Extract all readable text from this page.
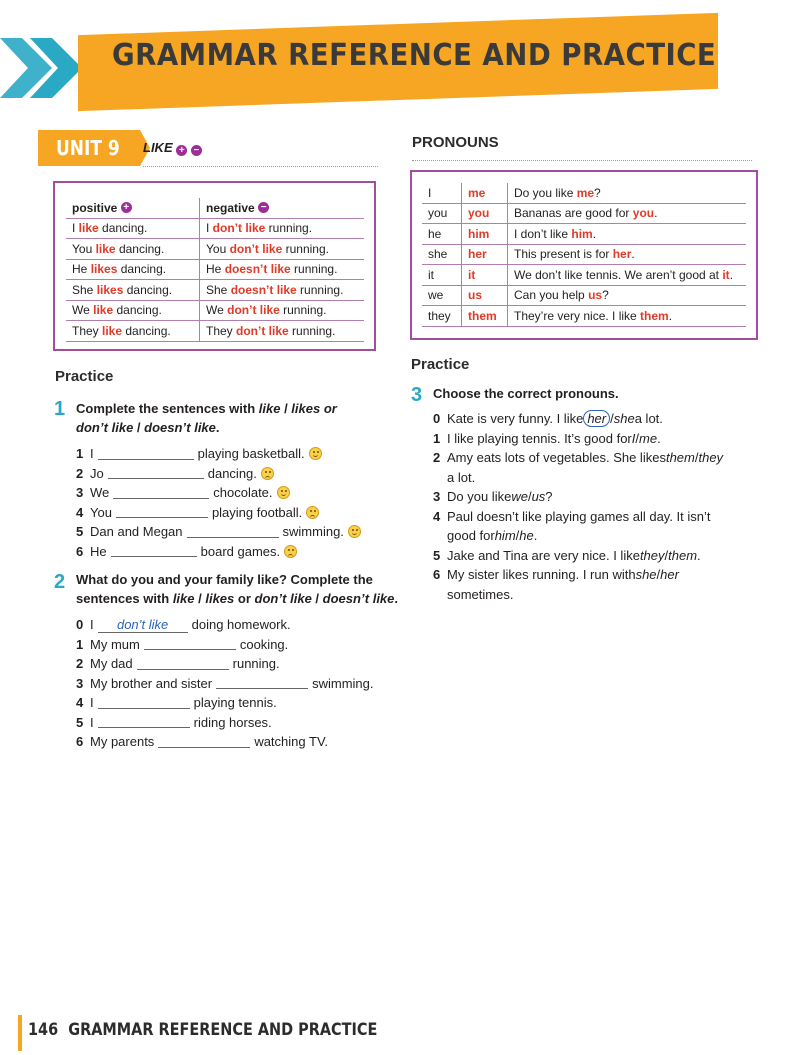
GRAMMAR REFERENCE AND PRACTICE
UNIT 9 LIKE + −
positive
+	negative
−
I like dancing.	I don’t like running.
You like dancing.	You don’t like running.
He likes dancing.	He doesn’t like running.
She likes dancing.	She doesn’t like running.
We like dancing.	We don’t like running.
They like dancing.	They don’t like running.
PRONOUNS
I	me Do you like me ?
you you Bananas are good for you .
he him I don’t like him .
she her This present is for her .
it	it	We don’t like tennis. We aren’t good at it .
we us	Can you help us ?
they them They’re very nice. I like them .
Practice
1 Complete the sentences with like / likes or
don’t like / doesn’t like.
1 I	playing basketball.
2 Jo	dancing.
3 We	chocolate.
4 You	playing football.
5 Dan and Megan	swimming.
6 He	board games.
2 What do you and your family like? Complete the
sentences with like / likes or don’t like / doesn’t like.
0 I	don’t like	doing homework.
1 My mum	cooking.
2 My dad	running.
3 My brother and sister	swimming.
4 I	playing tennis.
5 I	riding horses.
6 My parents	watching TV.
Practice
3 Choose the correct pronouns.
0 Kate is very funny. I like her / she a lot.
1 I like playing tennis. It’s good for I / me .
2 Amy eats lots of vegetables. She likes them / they
a lot.
3 Do you like we / us ?
4 Paul doesn’t like playing games all day. It isn’t
good for him / he .
5 Jake and Tina are very nice. I like they / them .
6 My sister likes running. I run with she / her
sometimes.
146 GRAMMAR REFERENCE AND PRACTICE
